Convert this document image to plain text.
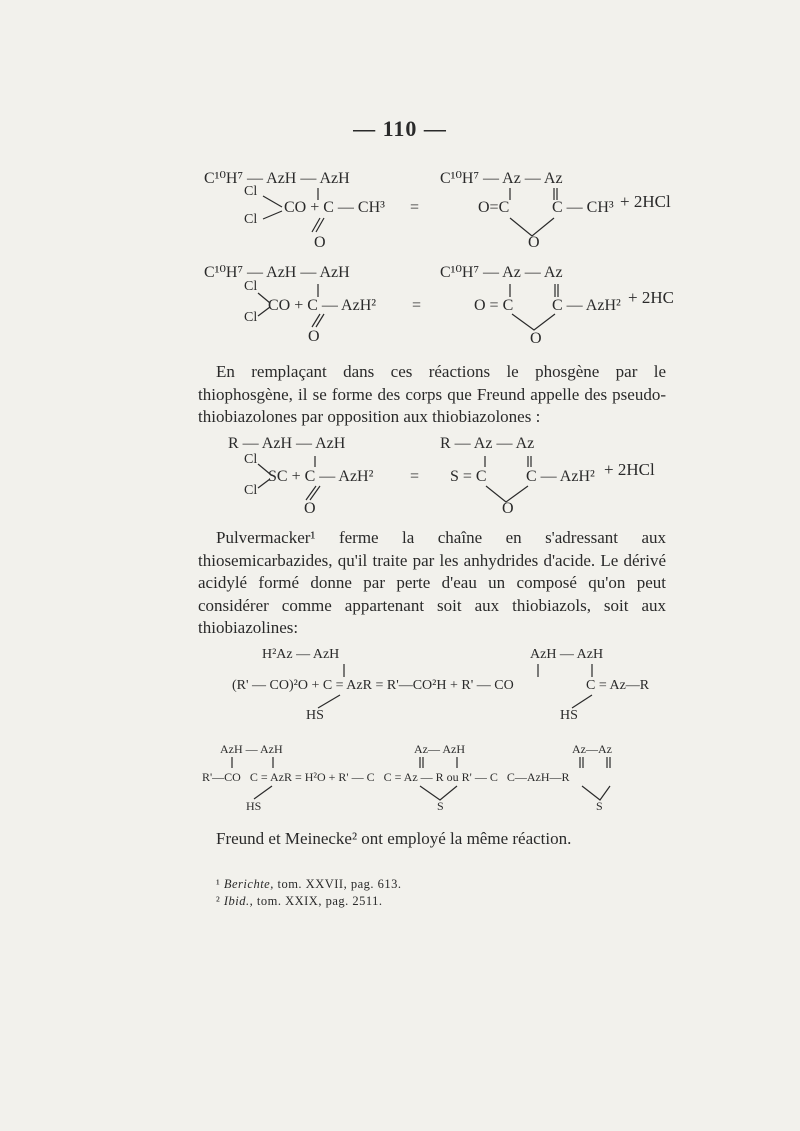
— 110 —
C¹⁰H⁷ — AzH — AzH
Cl
Cl
CO + C — CH³ =
O
C¹⁰H⁷ — Az — Az
O=C	C — CH³ + 2HCl
O
C¹⁰H⁷ — AzH — AzH
Cl
Cl
CO + C — AzH² =
O
C¹⁰H⁷ — Az — Az
O = C C — AzH² + 2HC
O
En remplaçant dans ces réactions le phosgène par le thiophosgène, il se forme des corps que Freund appelle des pseudo-thiobiazolones par opposition aux thiobiazolones :
R — AzH — AzH
Cl
Cl
SC + C — AzH² =
O
R — Az — Az
S = C C — AzH² + 2HCl
O
Pulvermacker¹ ferme la chaîne en s'adressant aux thiosemicarbazides, qu'il traite par les anhydrides d'acide. Le dérivé acidylé formé donne par perte d'eau un composé qu'on peut considérer comme appartenant soit aux thiobiazols, soit aux thiobiazolines:
H²Az — AzH
(R' — CO)²O + C = AzR = R'—CO²H + R' — CO
AzH — AzH
C = Az—R
HS	HS
AzH — AzH	Az— AzH	Az—Az
R'—CO   C = AzR = H²O + R' — C   C = Az — R ou R' — C   C—AzH—R
HS	S	S
Freund et Meinecke² ont employé la même réaction.
¹ Berichte, tom. XXVII, pag. 613.
² Ibid., tom. XXIX, pag. 2511.
